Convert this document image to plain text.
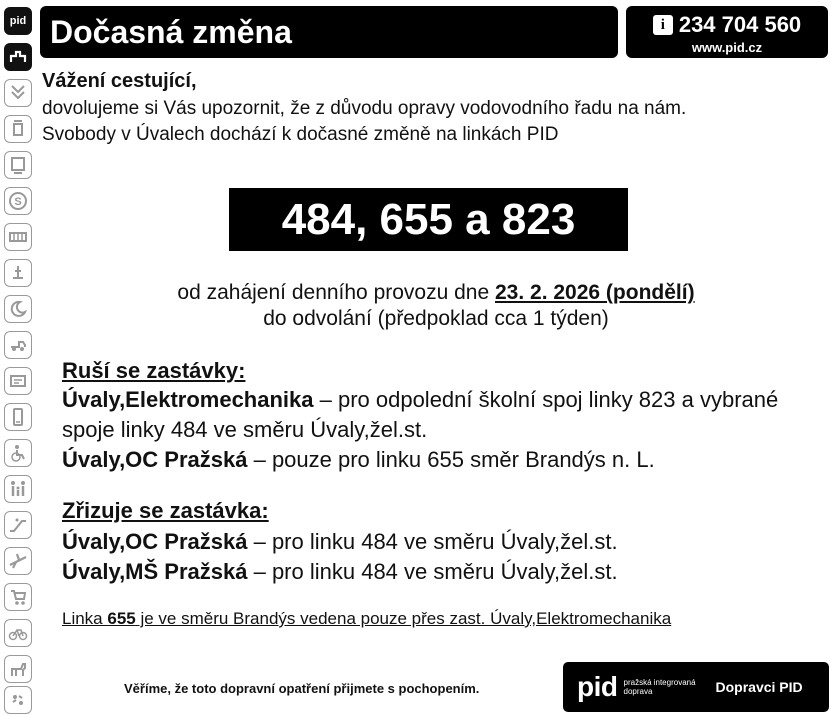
pid
S
Dočasná změna	i 234 704 560
www.pid.cz
Vážení cestující,
dovolujeme si Vás upozornit, že z důvodu opravy vodovodního řadu na nám.
Svobody v Úvalech dochází k dočasné změně na linkách PID
484, 655 a 823
od zahájení denního provozu dne 23. 2. 2026 (pondělí)
do odvolání (předpoklad cca 1 týden)
Ruší se zastávky:
Úvaly,Elektromechanika – pro odpolední školní spoj linky 823 a vybrané spoje linky 484 ve směru Úvaly,žel.st.
Úvaly,OC Pražská – pouze pro linku 655 směr Brandýs n. L.
Zřizuje se zastávka:
Úvaly,OC Pražská – pro linku 484 ve směru Úvaly,žel.st.
Úvaly,MŠ Pražská – pro linku 484 ve směru Úvaly,žel.st.
Linka 655 je ve směru Brandýs vedena pouze přes zast. Úvaly,Elektromechanika
Věříme, že toto dopravní opatření přijmete s pochopením.	pid pražská integrovaná doprava	Dopravci PID
